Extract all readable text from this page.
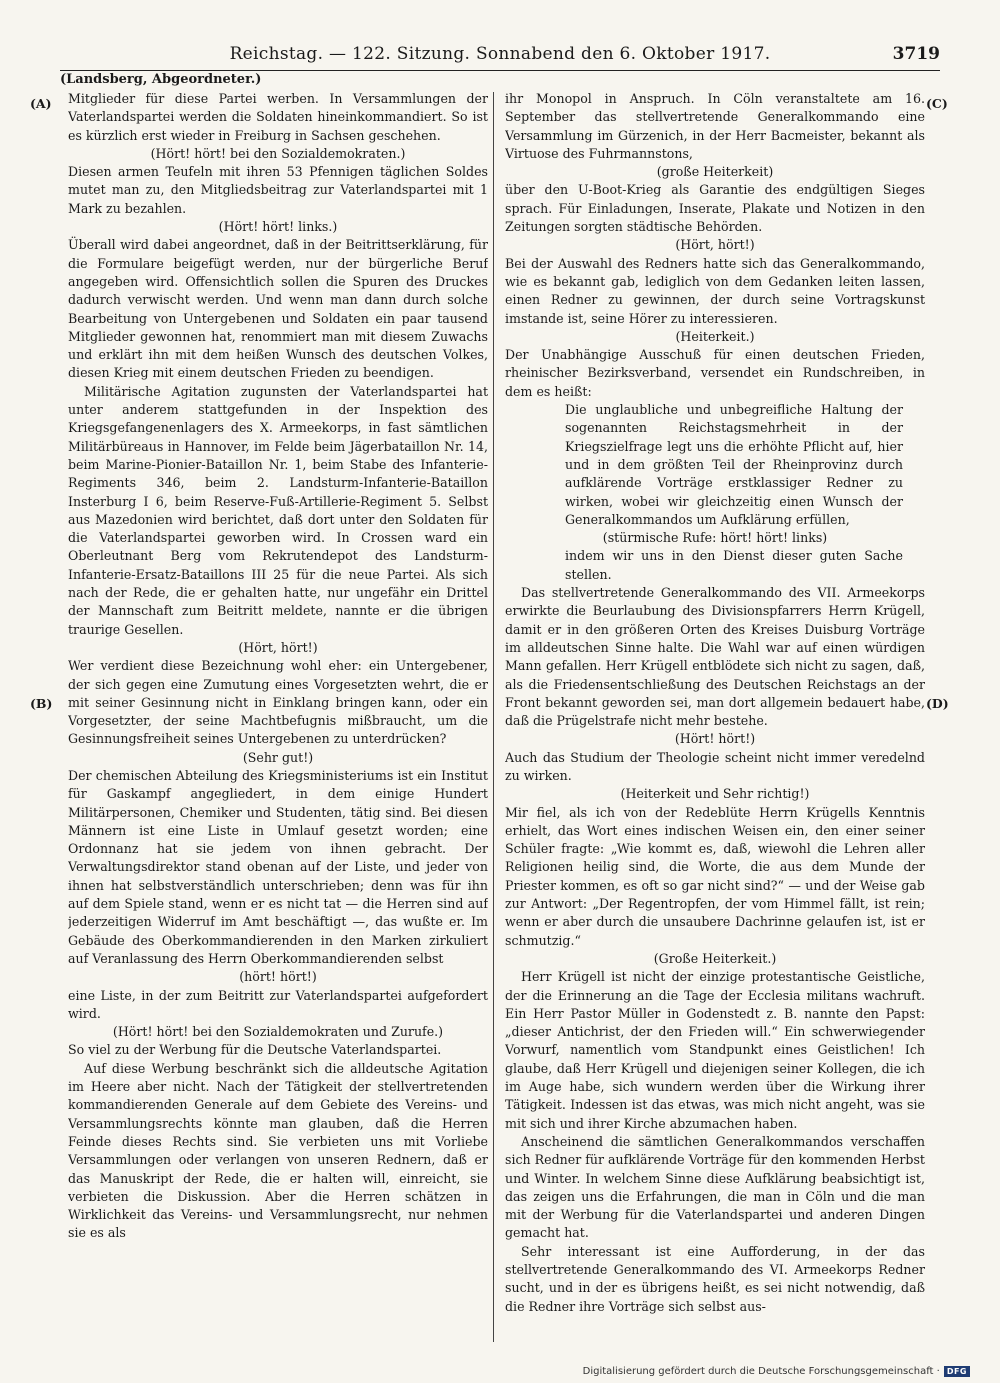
Reichstag. — 122. Sitzung. Sonnabend den 6. Oktober 1917.	3719
(Landsberg, Abgeordneter.)
(A)
(B)
(C)
(D)

Mitglieder für diese Partei werben. In Versammlungen der Vaterlandspartei werden die Soldaten hineinkommandiert. So ist es kürzlich erst wieder in Freiburg in Sachsen geschehen.

(Hört! hört! bei den Sozialdemokraten.)

Diesen armen Teufeln mit ihren 53 Pfennigen täglichen Soldes mutet man zu, den Mitgliedsbeitrag zur Vaterlandspartei mit 1 Mark zu bezahlen.

(Hört! hört! links.)

Überall wird dabei angeordnet, daß in der Beitrittserklärung, für die Formulare beigefügt werden, nur der bürgerliche Beruf angegeben wird. Offensichtlich sollen die Spuren des Druckes dadurch verwischt werden. Und wenn man dann durch solche Bearbeitung von Untergebenen und Soldaten ein paar tausend Mitglieder gewonnen hat, renommiert man mit diesem Zuwachs und erklärt ihn mit dem heißen Wunsch des deutschen Volkes, diesen Krieg mit einem deutschen Frieden zu beendigen.

Militärische Agitation zugunsten der Vaterlandspartei hat unter anderem stattgefunden in der Inspektion des Kriegsgefangenenlagers des X. Armeekorps, in fast sämtlichen Militärbüreaus in Hannover, im Felde beim Jägerbataillon Nr. 14, beim Marine-Pionier-Bataillon Nr. 1, beim Stabe des Infanterie-Regiments 346, beim 2. Landsturm-Infanterie-Bataillon Insterburg I 6, beim Reserve-Fuß-Artillerie-Regiment 5. Selbst aus Mazedonien wird berichtet, daß dort unter den Soldaten für die Vaterlandspartei geworben wird. In Crossen ward ein Oberleutnant Berg vom Rekrutendepot des Landsturm-Infanterie-Ersatz-Bataillons III 25 für die neue Partei. Als sich nach der Rede, die er gehalten hatte, nur ungefähr ein Drittel der Mannschaft zum Beitritt meldete, nannte er die übrigen traurige Gesellen.

(Hört, hört!)

Wer verdient diese Bezeichnung wohl eher: ein Untergebener, der sich gegen eine Zumutung eines Vorgesetzten wehrt, die er mit seiner Gesinnung nicht in Einklang bringen kann, oder ein Vorgesetzter, der seine Machtbefugnis mißbraucht, um die Gesinnungsfreiheit seines Untergebenen zu unterdrücken?

(Sehr gut!)

Der chemischen Abteilung des Kriegsministeriums ist ein Institut für Gaskampf angegliedert, in dem einige Hundert Militärpersonen, Chemiker und Studenten, tätig sind. Bei diesen Männern ist eine Liste in Umlauf gesetzt worden; eine Ordonnanz hat sie jedem von ihnen gebracht. Der Verwaltungsdirektor stand obenan auf der Liste, und jeder von ihnen hat selbstverständlich unterschrieben; denn was für ihn auf dem Spiele stand, wenn er es nicht tat — die Herren sind auf jederzeitigen Widerruf im Amt beschäftigt —, das wußte er. Im Gebäude des Oberkommandierenden in den Marken zirkuliert auf Veranlassung des Herrn Oberkommandierenden selbst

(hört! hört!)

eine Liste, in der zum Beitritt zur Vaterlandspartei aufgefordert wird.

(Hört! hört! bei den Sozialdemokraten und Zurufe.)

So viel zu der Werbung für die Deutsche Vaterlandspartei.

Auf diese Werbung beschränkt sich die alldeutsche Agitation im Heere aber nicht. Nach der Tätigkeit der stellvertretenden kommandierenden Generale auf dem Gebiete des Vereins- und Versammlungsrechts könnte man glauben, daß die Herren Feinde dieses Rechts sind. Sie verbieten uns mit Vorliebe Versammlungen oder verlangen von unseren Rednern, daß er das Manuskript der Rede, die er halten will, einreicht, sie verbieten die Diskussion. Aber die Herren schätzen in Wirklichkeit das Vereins- und Versammlungsrecht, nur nehmen sie es als

ihr Monopol in Anspruch. In Cöln veranstaltete am 16. September das stellvertretende Generalkommando eine Versammlung im Gürzenich, in der Herr Bacmeister, bekannt als Virtuose des Fuhrmannstons,

(große Heiterkeit)

über den U-Boot-Krieg als Garantie des endgültigen Sieges sprach. Für Einladungen, Inserate, Plakate und Notizen in den Zeitungen sorgten städtische Behörden.

(Hört, hört!)

Bei der Auswahl des Redners hatte sich das Generalkommando, wie es bekannt gab, lediglich von dem Gedanken leiten lassen, einen Redner zu gewinnen, der durch seine Vortragskunst imstande ist, seine Hörer zu interessieren.

(Heiterkeit.)

Der Unabhängige Ausschuß für einen deutschen Frieden, rheinischer Bezirksverband, versendet ein Rundschreiben, in dem es heißt:

Die unglaubliche und unbegreifliche Haltung der sogenannten Reichstagsmehrheit in der Kriegszielfrage legt uns die erhöhte Pflicht auf, hier und in dem größten Teil der Rheinprovinz durch aufklärende Vorträge erstklassiger Redner zu wirken, wobei wir gleichzeitig einen Wunsch der Generalkommandos um Aufklärung erfüllen,

(stürmische Rufe: hört! hört! links)

indem wir uns in den Dienst dieser guten Sache stellen.

Das stellvertretende Generalkommando des VII. Armeekorps erwirkte die Beurlaubung des Divisionspfarrers Herrn Krügell, damit er in den größeren Orten des Kreises Duisburg Vorträge im alldeutschen Sinne halte. Die Wahl war auf einen würdigen Mann gefallen. Herr Krügell entblödete sich nicht zu sagen, daß, als die Friedensentschließung des Deutschen Reichstags an der Front bekannt geworden sei, man dort allgemein bedauert habe, daß die Prügelstrafe nicht mehr bestehe.

(Hört! hört!)

Auch das Studium der Theologie scheint nicht immer veredelnd zu wirken.

(Heiterkeit und Sehr richtig!)

Mir fiel, als ich von der Redeblüte Herrn Krügells Kenntnis erhielt, das Wort eines indischen Weisen ein, den einer seiner Schüler fragte: „Wie kommt es, daß, wiewohl die Lehren aller Religionen heilig sind, die Worte, die aus dem Munde der Priester kommen, es oft so gar nicht sind?“ — und der Weise gab zur Antwort: „Der Regentropfen, der vom Himmel fällt, ist rein; wenn er aber durch die unsaubere Dachrinne gelaufen ist, ist er schmutzig.“

(Große Heiterkeit.)

Herr Krügell ist nicht der einzige protestantische Geistliche, der die Erinnerung an die Tage der Ecclesia militans wachruft. Ein Herr Pastor Müller in Godenstedt z. B. nannte den Papst: „dieser Antichrist, der den Frieden will.“ Ein schwerwiegender Vorwurf, namentlich vom Standpunkt eines Geistlichen! Ich glaube, daß Herr Krügell und diejenigen seiner Kollegen, die ich im Auge habe, sich wundern werden über die Wirkung ihrer Tätigkeit. Indessen ist das etwas, was mich nicht angeht, was sie mit sich und ihrer Kirche abzumachen haben.

Anscheinend die sämtlichen Generalkommandos verschaffen sich Redner für aufklärende Vorträge für den kommenden Herbst und Winter. In welchem Sinne diese Aufklärung beabsichtigt ist, das zeigen uns die Erfahrungen, die man in Cöln und die man mit der Werbung für die Vaterlandspartei und anderen Dingen gemacht hat.

Sehr interessant ist eine Aufforderung, in der das stellvertretende Generalkommando des VI. Armeekorps Redner sucht, und in der es übrigens heißt, es sei nicht notwendig, daß die Redner ihre Vorträge sich selbst aus-

Digitalisierung gefördert durch die Deutsche Forschungsgemeinschaft · DFG
